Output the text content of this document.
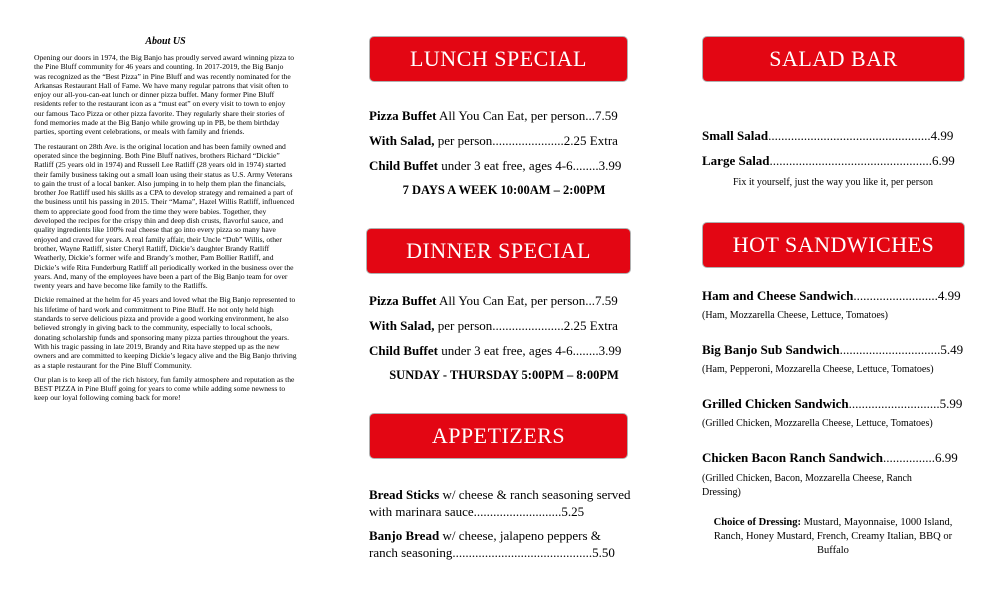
About US

Opening our doors in 1974, the Big Banjo has proudly served award winning pizza to the Pine Bluff community for 46 years and counting. In 2017-2019, the Big Banjo was recognized as the “Best Pizza” in Pine Bluff and was recently nominated for the Arkansas Restaurant Hall of Fame. We have many regular patrons that visit often to enjoy our all-you-can-eat lunch or dinner pizza buffet. Many former Pine Bluff residents refer to the restaurant icon as a “must eat” on every visit to town to enjoy our famous Taco Pizza or other pizza favorite. They regularly share their stories of fond memories made at the Big Banjo while growing up in PB, be them birthday parties, sporting event celebrations, or meals with family and friends.

The restaurant on 28th Ave. is the original location and has been family owned and operated since the beginning. Both Pine Bluff natives, brothers Richard “Dickie” Ratliff (25 years old in 1974) and Russell Lee Ratliff (28 years old in 1974) started their family business taking out a small loan using their status as U.S. Army Veterans to gain the trust of a local banker. Also jumping in to help them plan the financials, brother Joe Ratliff used his skills as a CPA to develop strategy and remained a part of the business until his passing in 2015. Their “Mama”, Hazel Willis Ratliff, influenced them to appreciate good food from the time they were babies. Together, they developed the recipes for the crispy thin and deep dish crusts, flavorful sauce, and quality ingredients like 100% real cheese that go into every pizza so many have enjoyed and craved for years. A real family affair, their Uncle “Dub” Willis, other brother, Wayne Ratliff, sister Cheryl Ratliff, Dickie’s daughter Brandy Ratliff Weatherly, Dickie’s former wife and Brandy’s mother, Pam Bollier Ratliff, and Dickie’s wife Rita Funderburg Ratliff all periodically worked in the business over the years. And, many of the employees have been a part of the Big Banjo team for over twenty years and have become like family to the Ratliffs.

Dickie remained at the helm for 45 years and loved what the Big Banjo represented to his lifetime of hard work and commitment to Pine Bluff. He not only held high standards to serve delicious pizza and provide a good working environment, he also believed strongly in giving back to the community, especially to local schools, donating scholarship funds and sponsoring many pizza parties throughout the years. With his tragic passing in late 2019, Brandy and Rita have stepped up as the new owners and are committed to keeping Dickie’s legacy alive and the Big Banjo thriving as a staple restaurant for the Pine Bluff Community.

Our plan is to keep all of the rich history, fun family atmosphere and reputation as the BEST PIZZA in Pine Bluff going for years to come while adding some newness to keep our loyal following coming back for more!

LUNCH SPECIAL
Pizza Buffet All You Can Eat, per person...7.59
With Salad, per person......................2.25 Extra
Child Buffet under 3 eat free, ages 4-6........3.99
7 DAYS A WEEK 10:00AM – 2:00PM
DINNER SPECIAL
Pizza Buffet All You Can Eat, per person...7.59
With Salad, per person......................2.25 Extra
Child Buffet under 3 eat free, ages 4-6........3.99
SUNDAY - THURSDAY 5:00PM – 8:00PM
APPETIZERS
Bread Sticks w/ cheese & ranch seasoning served with marinara sauce...........................5.25
Banjo Bread w/ cheese, jalapeno peppers & ranch seasoning...........................................5.50
SALAD BAR
Small Salad..................................................4.99
Large Salad..................................................6.99
Fix it yourself, just the way you like it, per person
HOT SANDWICHES
Ham and Cheese Sandwich..........................4.99
(Ham, Mozzarella Cheese, Lettuce, Tomatoes)
Big Banjo Sub Sandwich...............................5.49
(Ham, Pepperoni, Mozzarella Cheese, Lettuce, Tomatoes)
Grilled Chicken Sandwich............................5.99
(Grilled Chicken, Mozzarella Cheese, Lettuce, Tomatoes)
Chicken Bacon Ranch Sandwich................6.99
(Grilled Chicken, Bacon, Mozzarella Cheese, Ranch Dressing)
Choice of Dressing: Mustard, Mayonnaise, 1000 Island, Ranch, Honey Mustard, French, Creamy Italian, BBQ or Buffalo
